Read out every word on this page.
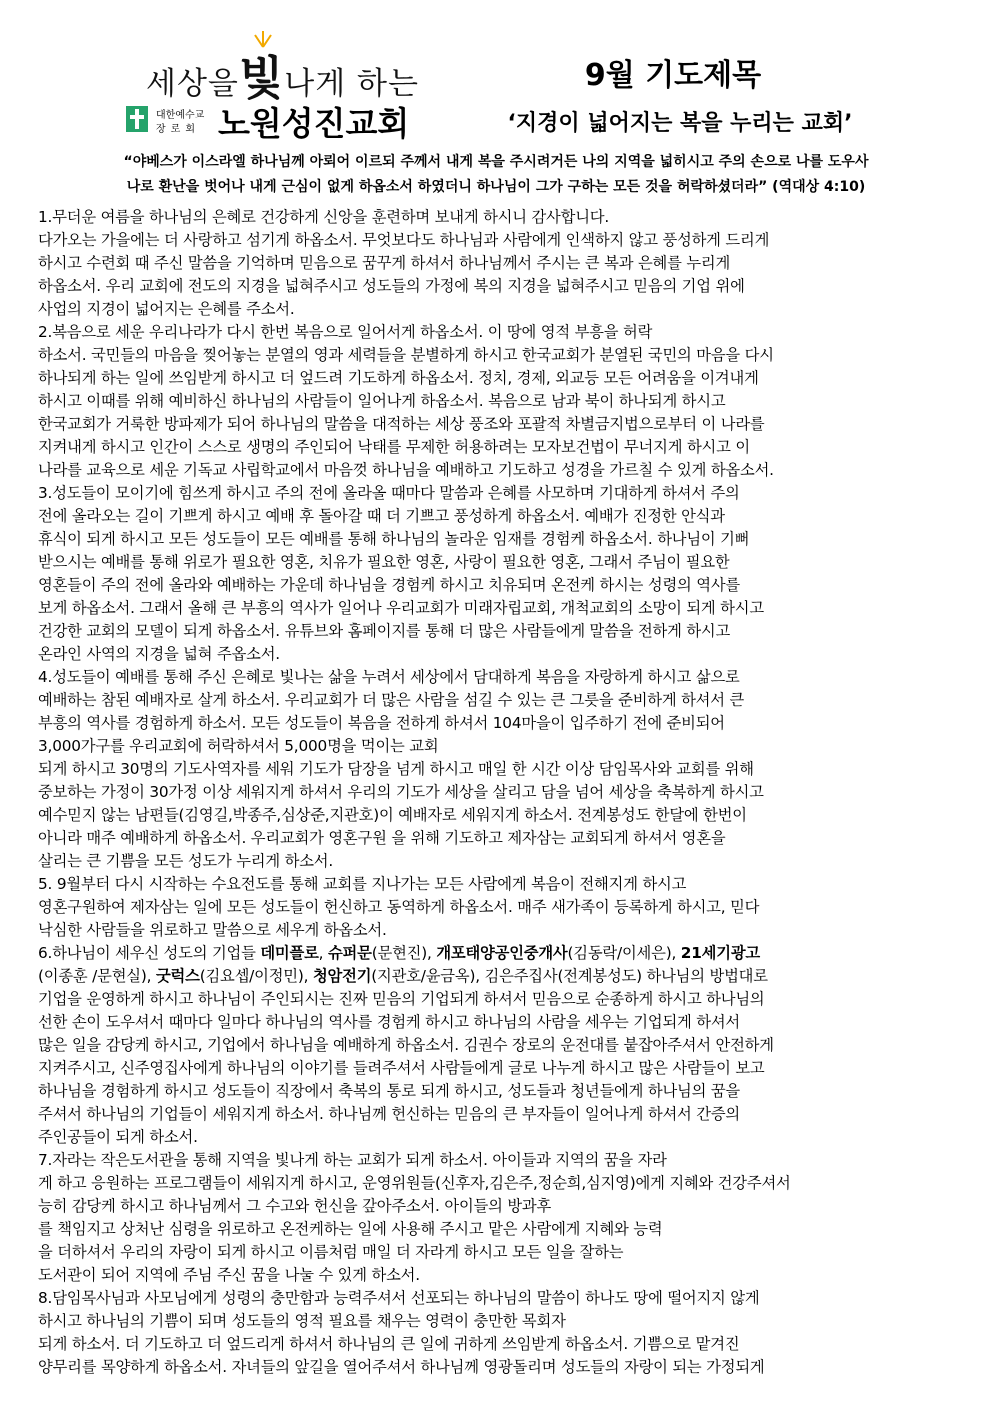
세상을빛나게 하는
대한예수교
장로회 노원성진교회
9월 기도제목
‘지경이 넓어지는 복을 누리는 교회’
“야베스가 이스라엘 하나님께 아뢰어 이르되 주께서 내게 복을 주시려거든 나의 지역을 넓히시고 주의 손으로 나를 도우사
나로 환난을 벗어나 내게 근심이 없게 하옵소서 하였더니 하나님이 그가 구하는 모든 것을 허락하셨더라” (역대상 4:10)
1.무더운 여름을 하나님의 은혜로 건강하게 신앙을 훈련하며 보내게 하시니 감사합니다.
다가오는 가을에는 더 사랑하고 섬기게 하옵소서. 무엇보다도 하나님과 사람에게 인색하지 않고 풍성하게 드리게
하시고 수련회 때 주신 말씀을 기억하며 믿음으로 꿈꾸게 하셔서 하나님께서 주시는 큰 복과 은혜를 누리게
하옵소서. 우리 교회에 전도의 지경을 넓혀주시고 성도들의 가정에 복의 지경을 넓혀주시고 믿음의 기업 위에
사업의 지경이 넓어지는 은혜를 주소서.
2.복음으로 세운 우리나라가 다시 한번 복음으로 일어서게 하옵소서. 이 땅에 영적 부흥을 허락
하소서. 국민들의 마음을 찢어놓는 분열의 영과 세력들을 분별하게 하시고 한국교회가 분열된 국민의 마음을 다시
하나되게 하는 일에 쓰임받게 하시고 더 엎드려 기도하게 하옵소서. 정치, 경제, 외교등 모든 어려움을 이겨내게
하시고 이때를 위해 예비하신 하나님의 사람들이 일어나게 하옵소서. 복음으로 남과 북이 하나되게 하시고
한국교회가 거룩한 방파제가 되어 하나님의 말씀을 대적하는 세상 풍조와 포괄적 차별금지법으로부터 이 나라를
지켜내게 하시고 인간이 스스로 생명의 주인되어 낙태를 무제한 허용하려는 모자보건법이 무너지게 하시고 이
나라를 교육으로 세운 기독교 사립학교에서 마음껏 하나님을 예배하고 기도하고 성경을 가르칠 수 있게 하옵소서.
3.성도들이 모이기에 힘쓰게 하시고 주의 전에 올라올 때마다 말씀과 은혜를 사모하며 기대하게 하셔서 주의
전에 올라오는 길이 기쁘게 하시고 예배 후 돌아갈 때 더 기쁘고 풍성하게 하옵소서. 예배가 진정한 안식과
휴식이 되게 하시고 모든 성도들이 모든 예배를 통해 하나님의 놀라운 임재를 경험케 하옵소서. 하나님이 기뻐
받으시는 예배를 통해 위로가 필요한 영혼, 치유가 필요한 영혼, 사랑이 필요한 영혼, 그래서 주님이 필요한
영혼들이 주의 전에 올라와 예배하는 가운데 하나님을 경험케 하시고 치유되며 온전케 하시는 성령의 역사를
보게 하옵소서. 그래서 올해 큰 부흥의 역사가 일어나 우리교회가 미래자립교회, 개척교회의 소망이 되게 하시고
건강한 교회의 모델이 되게 하옵소서. 유튜브와 홈페이지를 통해 더 많은 사람들에게 말씀을 전하게 하시고
온라인 사역의 지경을 넓혀 주옵소서.
4.성도들이 예배를 통해 주신 은혜로 빛나는 삶을 누려서 세상에서 담대하게 복음을 자랑하게 하시고 삶으로
예배하는 참된 예배자로 살게 하소서. 우리교회가 더 많은 사람을 섬길 수 있는 큰 그릇을 준비하게 하셔서 큰
부흥의 역사를 경험하게 하소서. 모든 성도들이 복음을 전하게 하셔서 104마을이 입주하기 전에 준비되어
3,000가구를 우리교회에 허락하셔서 5,000명을 먹이는 교회
되게 하시고 30명의 기도사역자를 세워 기도가 담장을 넘게 하시고 매일 한 시간 이상 담임목사와 교회를 위해
중보하는 가정이 30가정 이상 세워지게 하셔서 우리의 기도가 세상을 살리고 담을 넘어 세상을 축복하게 하시고
예수믿지 않는 남편들(김영길,박종주,심상준,지관호)이 예배자로 세워지게 하소서. 전계봉성도 한달에 한번이
아니라 매주 예배하게 하옵소서. 우리교회가 영혼구원 을 위해 기도하고 제자삼는 교회되게 하셔서 영혼을
살리는 큰 기쁨을 모든 성도가 누리게 하소서.
5. 9월부터 다시 시작하는 수요전도를 통해 교회를 지나가는 모든 사람에게 복음이 전해지게 하시고
영혼구원하여 제자삼는 일에 모든 성도들이 헌신하고 동역하게 하옵소서. 매주 새가족이 등록하게 하시고, 믿다
낙심한 사람들을 위로하고 말씀으로 세우게 하옵소서.
6.하나님이 세우신 성도의 기업들 데미플로, 슈퍼문(문현진), 개포태양공인중개사(김동락/이세은), 21세기광고
(이종훈 /문현실), 굿럭스(김요셉/이정민), 청암전기(지관호/윤금옥), 김은주집사(전계봉성도) 하나님의 방법대로
기업을 운영하게 하시고 하나님이 주인되시는 진짜 믿음의 기업되게 하셔서 믿음으로 순종하게 하시고 하나님의
선한 손이 도우셔서 때마다 일마다 하나님의 역사를 경험케 하시고 하나님의 사람을 세우는 기업되게 하셔서
많은 일을 감당케 하시고, 기업에서 하나님을 예배하게 하옵소서. 김권수 장로의 운전대를 붙잡아주셔서 안전하게
지켜주시고, 신주영집사에게 하나님의 이야기를 들려주셔서 사람들에게 글로 나누게 하시고 많은 사람들이 보고
하나님을 경험하게 하시고 성도들이 직장에서 축복의 통로 되게 하시고, 성도들과 청년들에게 하나님의 꿈을
주셔서 하나님의 기업들이 세워지게 하소서. 하나님께 헌신하는 믿음의 큰 부자들이 일어나게 하셔서 간증의
주인공들이 되게 하소서.
7.자라는 작은도서관을 통해 지역을 빛나게 하는 교회가 되게 하소서. 아이들과 지역의 꿈을 자라
게 하고 응원하는 프로그램들이 세워지게 하시고, 운영위원들(신후자,김은주,정순희,심지영)에게 지혜와 건강주셔서
능히 감당케 하시고 하나님께서 그 수고와 헌신을 갚아주소서. 아이들의 방과후
를 책임지고 상처난 심령을 위로하고 온전케하는 일에 사용해 주시고 맡은 사람에게 지혜와 능력
을 더하셔서 우리의 자랑이 되게 하시고 이름처럼 매일 더 자라게 하시고 모든 일을 잘하는
도서관이 되어 지역에 주님 주신 꿈을 나눌 수 있게 하소서.
8.담임목사님과 사모님에게 성령의 충만함과 능력주셔서 선포되는 하나님의 말씀이 하나도 땅에 떨어지지 않게
하시고 하나님의 기쁨이 되며 성도들의 영적 필요를 채우는 영력이 충만한 목회자
되게 하소서. 더 기도하고 더 엎드리게 하셔서 하나님의 큰 일에 귀하게 쓰임받게 하옵소서. 기쁨으로 맡겨진
양무리를 목양하게 하옵소서. 자녀들의 앞길을 열어주셔서 하나님께 영광돌리며 성도들의 자랑이 되는 가정되게
